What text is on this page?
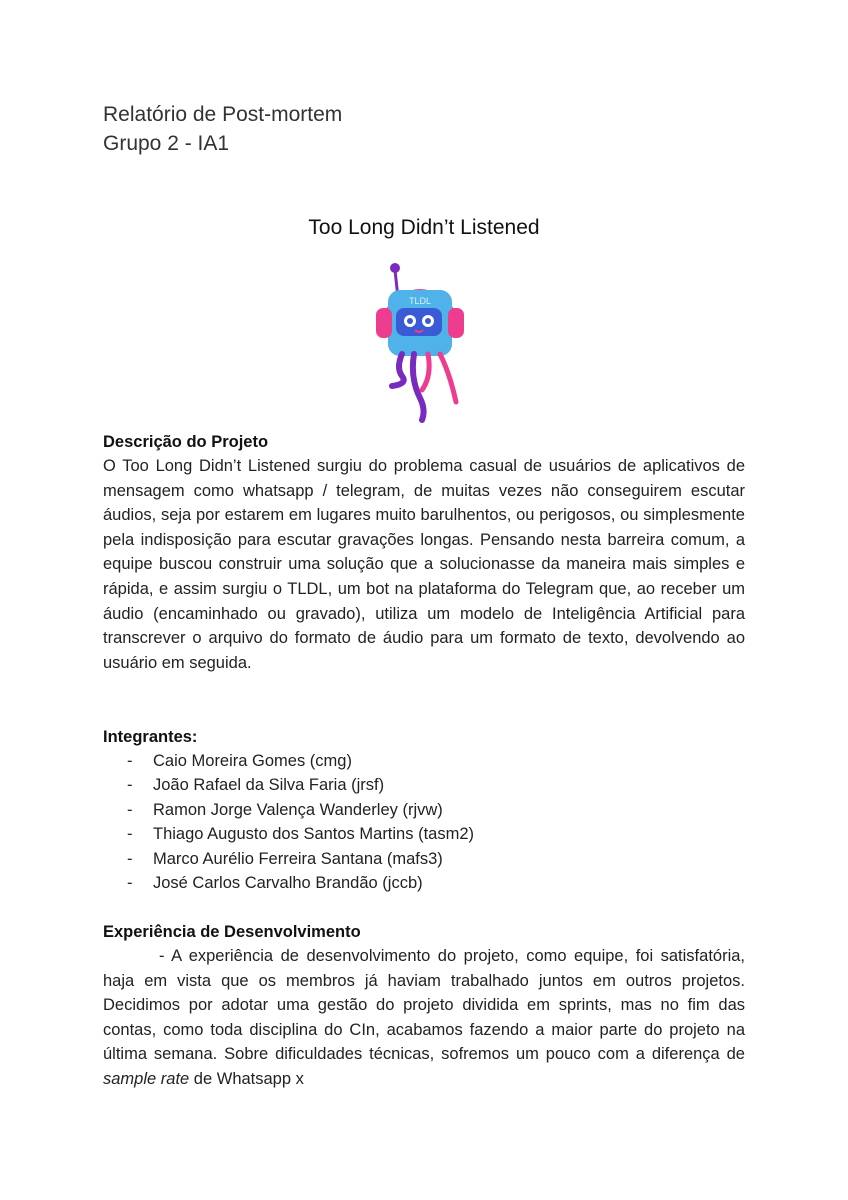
Relatório de Post-mortem
Grupo 2 - IA1
Too Long Didn’t Listened
TLDL
Descrição do Projeto
O Too Long Didn’t Listened surgiu do problema casual de usuários de aplicativos de mensagem como whatsapp / telegram, de muitas vezes não conseguirem escutar áudios, seja por estarem em lugares muito barulhentos, ou perigosos, ou simplesmente pela indisposição para escutar gravações longas. Pensando nesta barreira comum, a equipe buscou construir uma solução que a solucionasse da maneira mais simples e rápida, e assim surgiu o TLDL, um bot na plataforma do Telegram que, ao receber um áudio (encaminhado ou gravado), utiliza um modelo de Inteligência Artificial para transcrever o arquivo do formato de áudio para um formato de texto, devolvendo ao usuário em seguida.
Integrantes:
- Caio Moreira Gomes (cmg)
- João Rafael da Silva Faria (jrsf)
- Ramon Jorge Valença Wanderley (rjvw)
- Thiago Augusto dos Santos Martins (tasm2)
- Marco Aurélio Ferreira Santana (mafs3)
- José Carlos Carvalho Brandão (jccb)
Experiência de Desenvolvimento
- A experiência de desenvolvimento do projeto, como equipe, foi satisfatória, haja em vista que os membros já haviam trabalhado juntos em outros projetos. Decidimos por adotar uma gestão do projeto dividida em sprints, mas no fim das contas, como toda disciplina do CIn, acabamos fazendo a maior parte do projeto na última semana. Sobre dificuldades técnicas, sofremos um pouco com a diferença de sample rate de Whatsapp x
